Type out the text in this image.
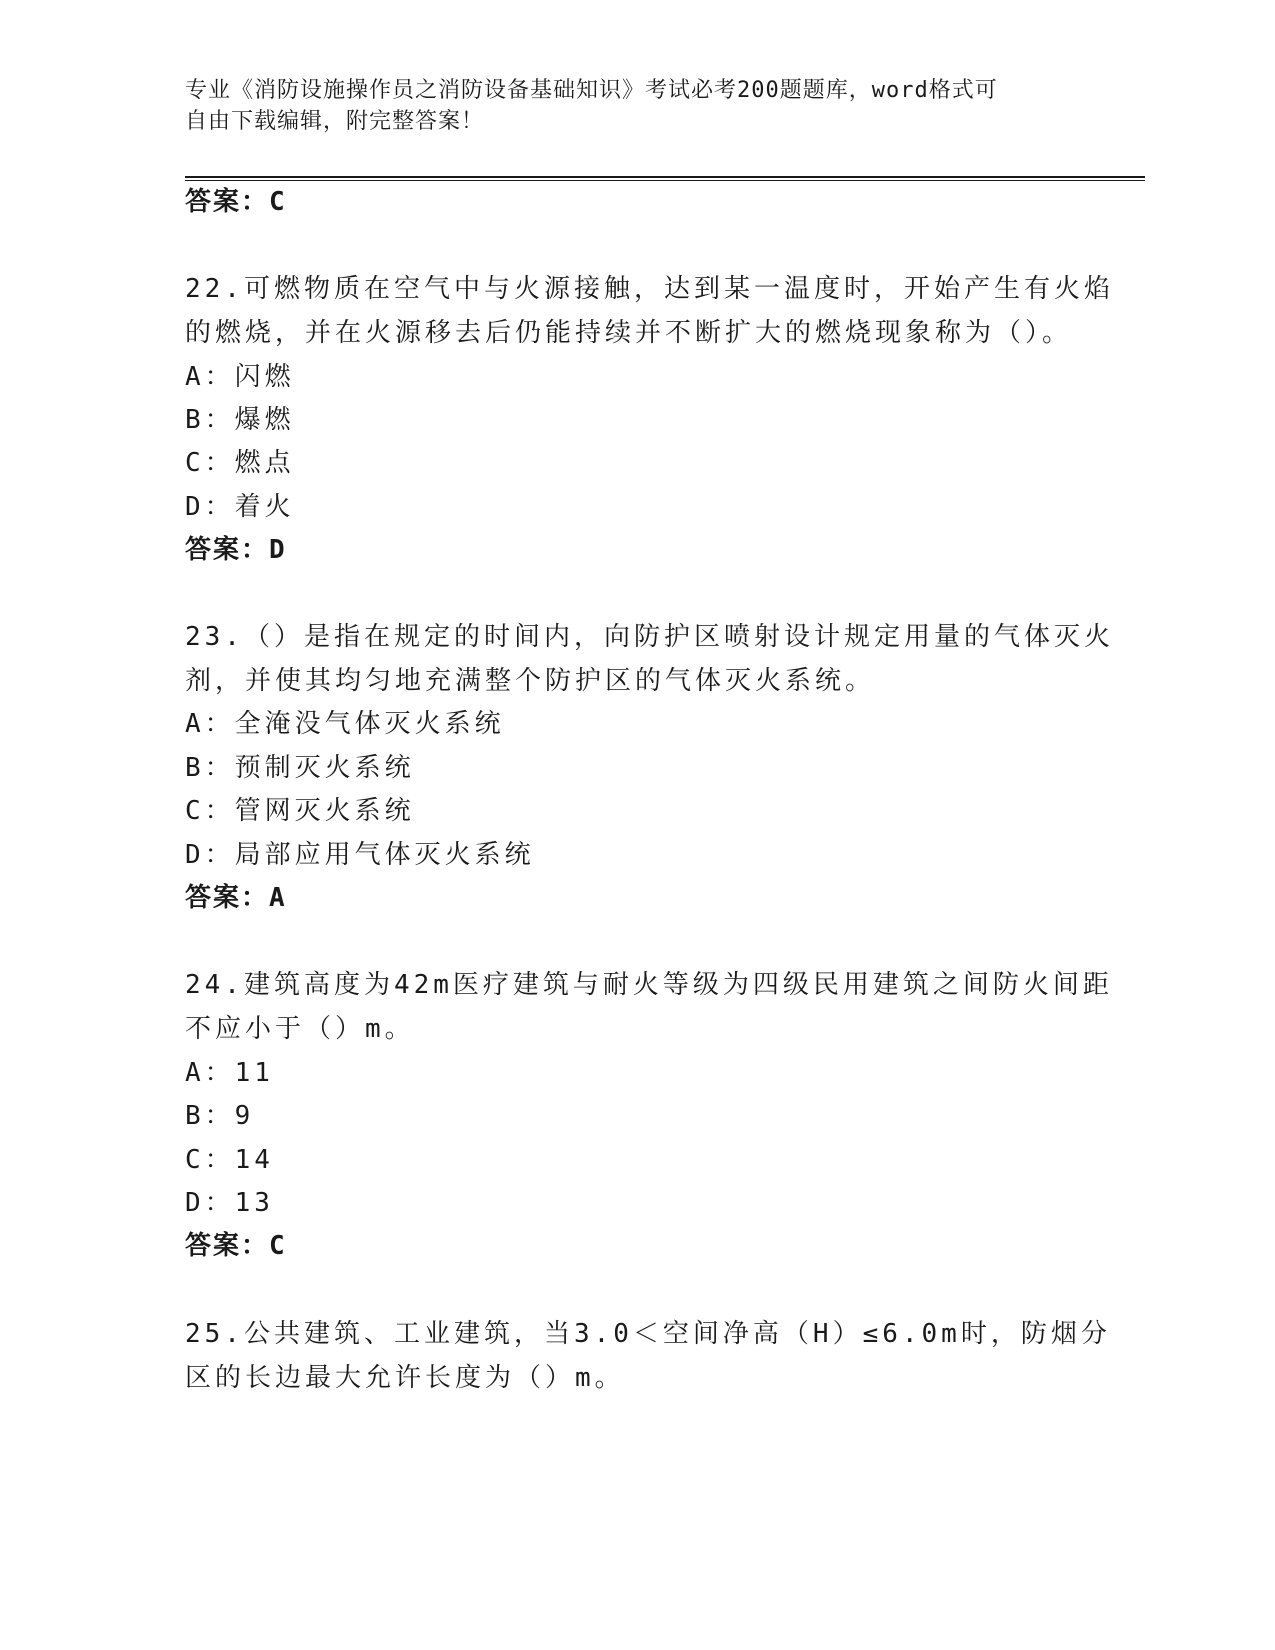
专业《消防设施操作员之消防设备基础知识》考试必考200题题库，word格式可
自由下载编辑，附完整答案！
答案：C
22.可燃物质在空气中与火源接触，达到某一温度时，开始产生有火焰
的燃烧，并在火源移去后仍能持续并不断扩大的燃烧现象称为（）。
A：闪燃
B：爆燃
C：燃点
D：着火
答案：D
23.（）是指在规定的时间内，向防护区喷射设计规定用量的气体灭火
剂，并使其均匀地充满整个防护区的气体灭火系统。
A：全淹没气体灭火系统
B：预制灭火系统
C：管网灭火系统
D：局部应用气体灭火系统
答案：A
24.建筑高度为42m医疗建筑与耐火等级为四级民用建筑之间防火间距
不应小于（）m。
A：11
B：9
C：14
D：13
答案：C
25.公共建筑、工业建筑，当3.0＜空间净高（H）≤6.0m时，防烟分
区的长边最大允许长度为（）m。
